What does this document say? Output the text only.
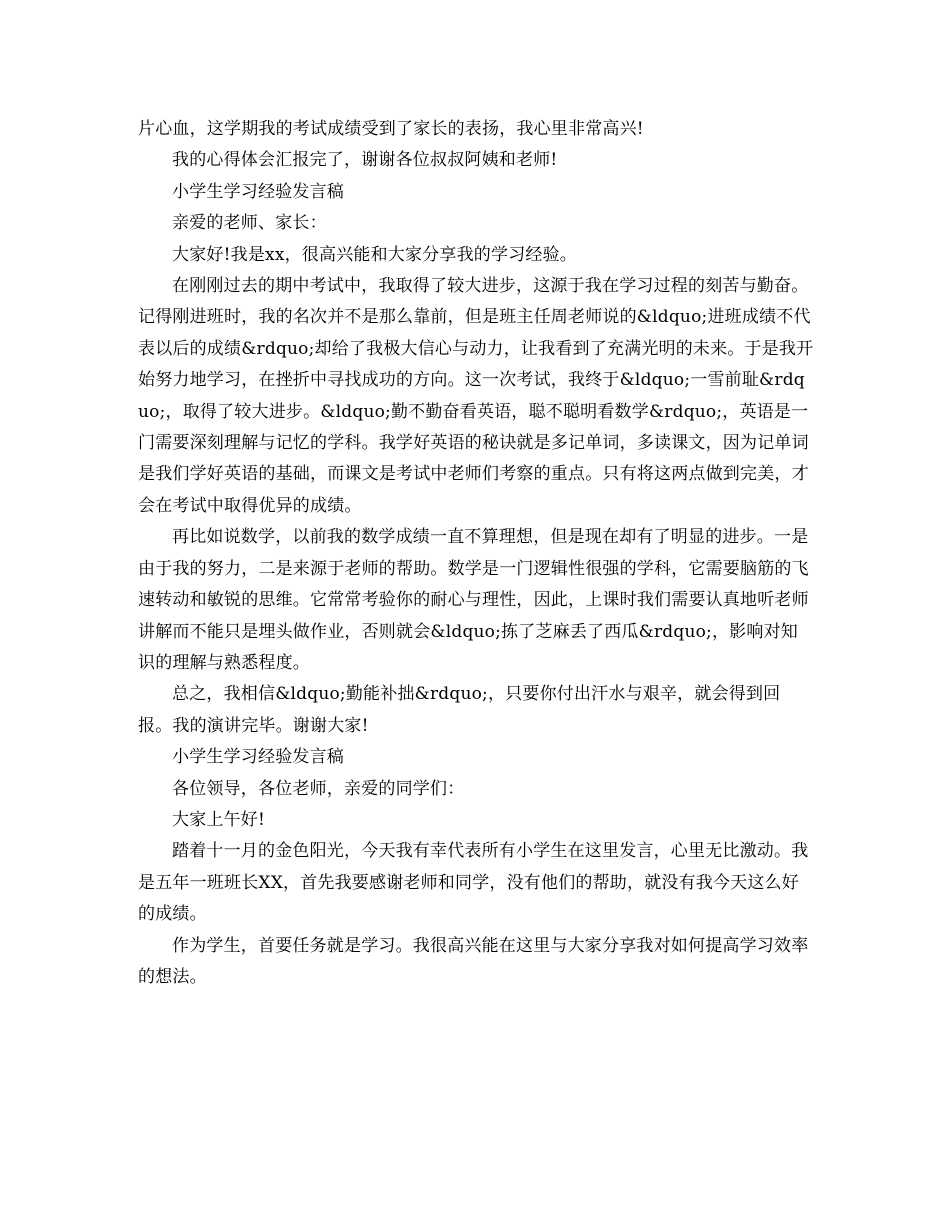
片心血，这学期我的考试成绩受到了家长的表扬，我心里非常高兴!

我的心得体会汇报完了，谢谢各位叔叔阿姨和老师!

小学生学习经验发言稿

亲爱的老师、家长：

大家好!我是xx，很高兴能和大家分享我的学习经验。

在刚刚过去的期中考试中，我取得了较大进步，这源于我在学习过程的刻苦与勤奋。记得刚进班时，我的名次并不是那么靠前，但是班主任周老师说的&ldquo;进班成绩不代表以后的成绩&rdquo;却给了我极大信心与动力，让我看到了充满光明的未来。于是我开始努力地学习，在挫折中寻找成功的方向。这一次考试，我终于&ldquo;一雪前耻&rdquo;，取得了较大进步。&ldquo;勤不勤奋看英语，聪不聪明看数学&rdquo;，英语是一门需要深刻理解与记忆的学科。我学好英语的秘诀就是多记单词，多读课文，因为记单词是我们学好英语的基础，而课文是考试中老师们考察的重点。只有将这两点做到完美，才会在考试中取得优异的成绩。

再比如说数学，以前我的数学成绩一直不算理想，但是现在却有了明显的进步。一是由于我的努力，二是来源于老师的帮助。数学是一门逻辑性很强的学科，它需要脑筋的飞速转动和敏锐的思维。它常常考验你的耐心与理性，因此，上课时我们需要认真地听老师讲解而不能只是埋头做作业，否则就会&ldquo;拣了芝麻丢了西瓜&rdquo;，影响对知识的理解与熟悉程度。

总之，我相信&ldquo;勤能补拙&rdquo;，只要你付出汗水与艰辛，就会得到回报。我的演讲完毕。谢谢大家!

小学生学习经验发言稿

各位领导，各位老师，亲爱的同学们：

大家上午好!

踏着十一月的金色阳光，今天我有幸代表所有小学生在这里发言，心里无比激动。我是五年一班班长XX，首先我要感谢老师和同学，没有他们的帮助，就没有我今天这么好的成绩。

作为学生，首要任务就是学习。我很高兴能在这里与大家分享我对如何提高学习效率的想法。
